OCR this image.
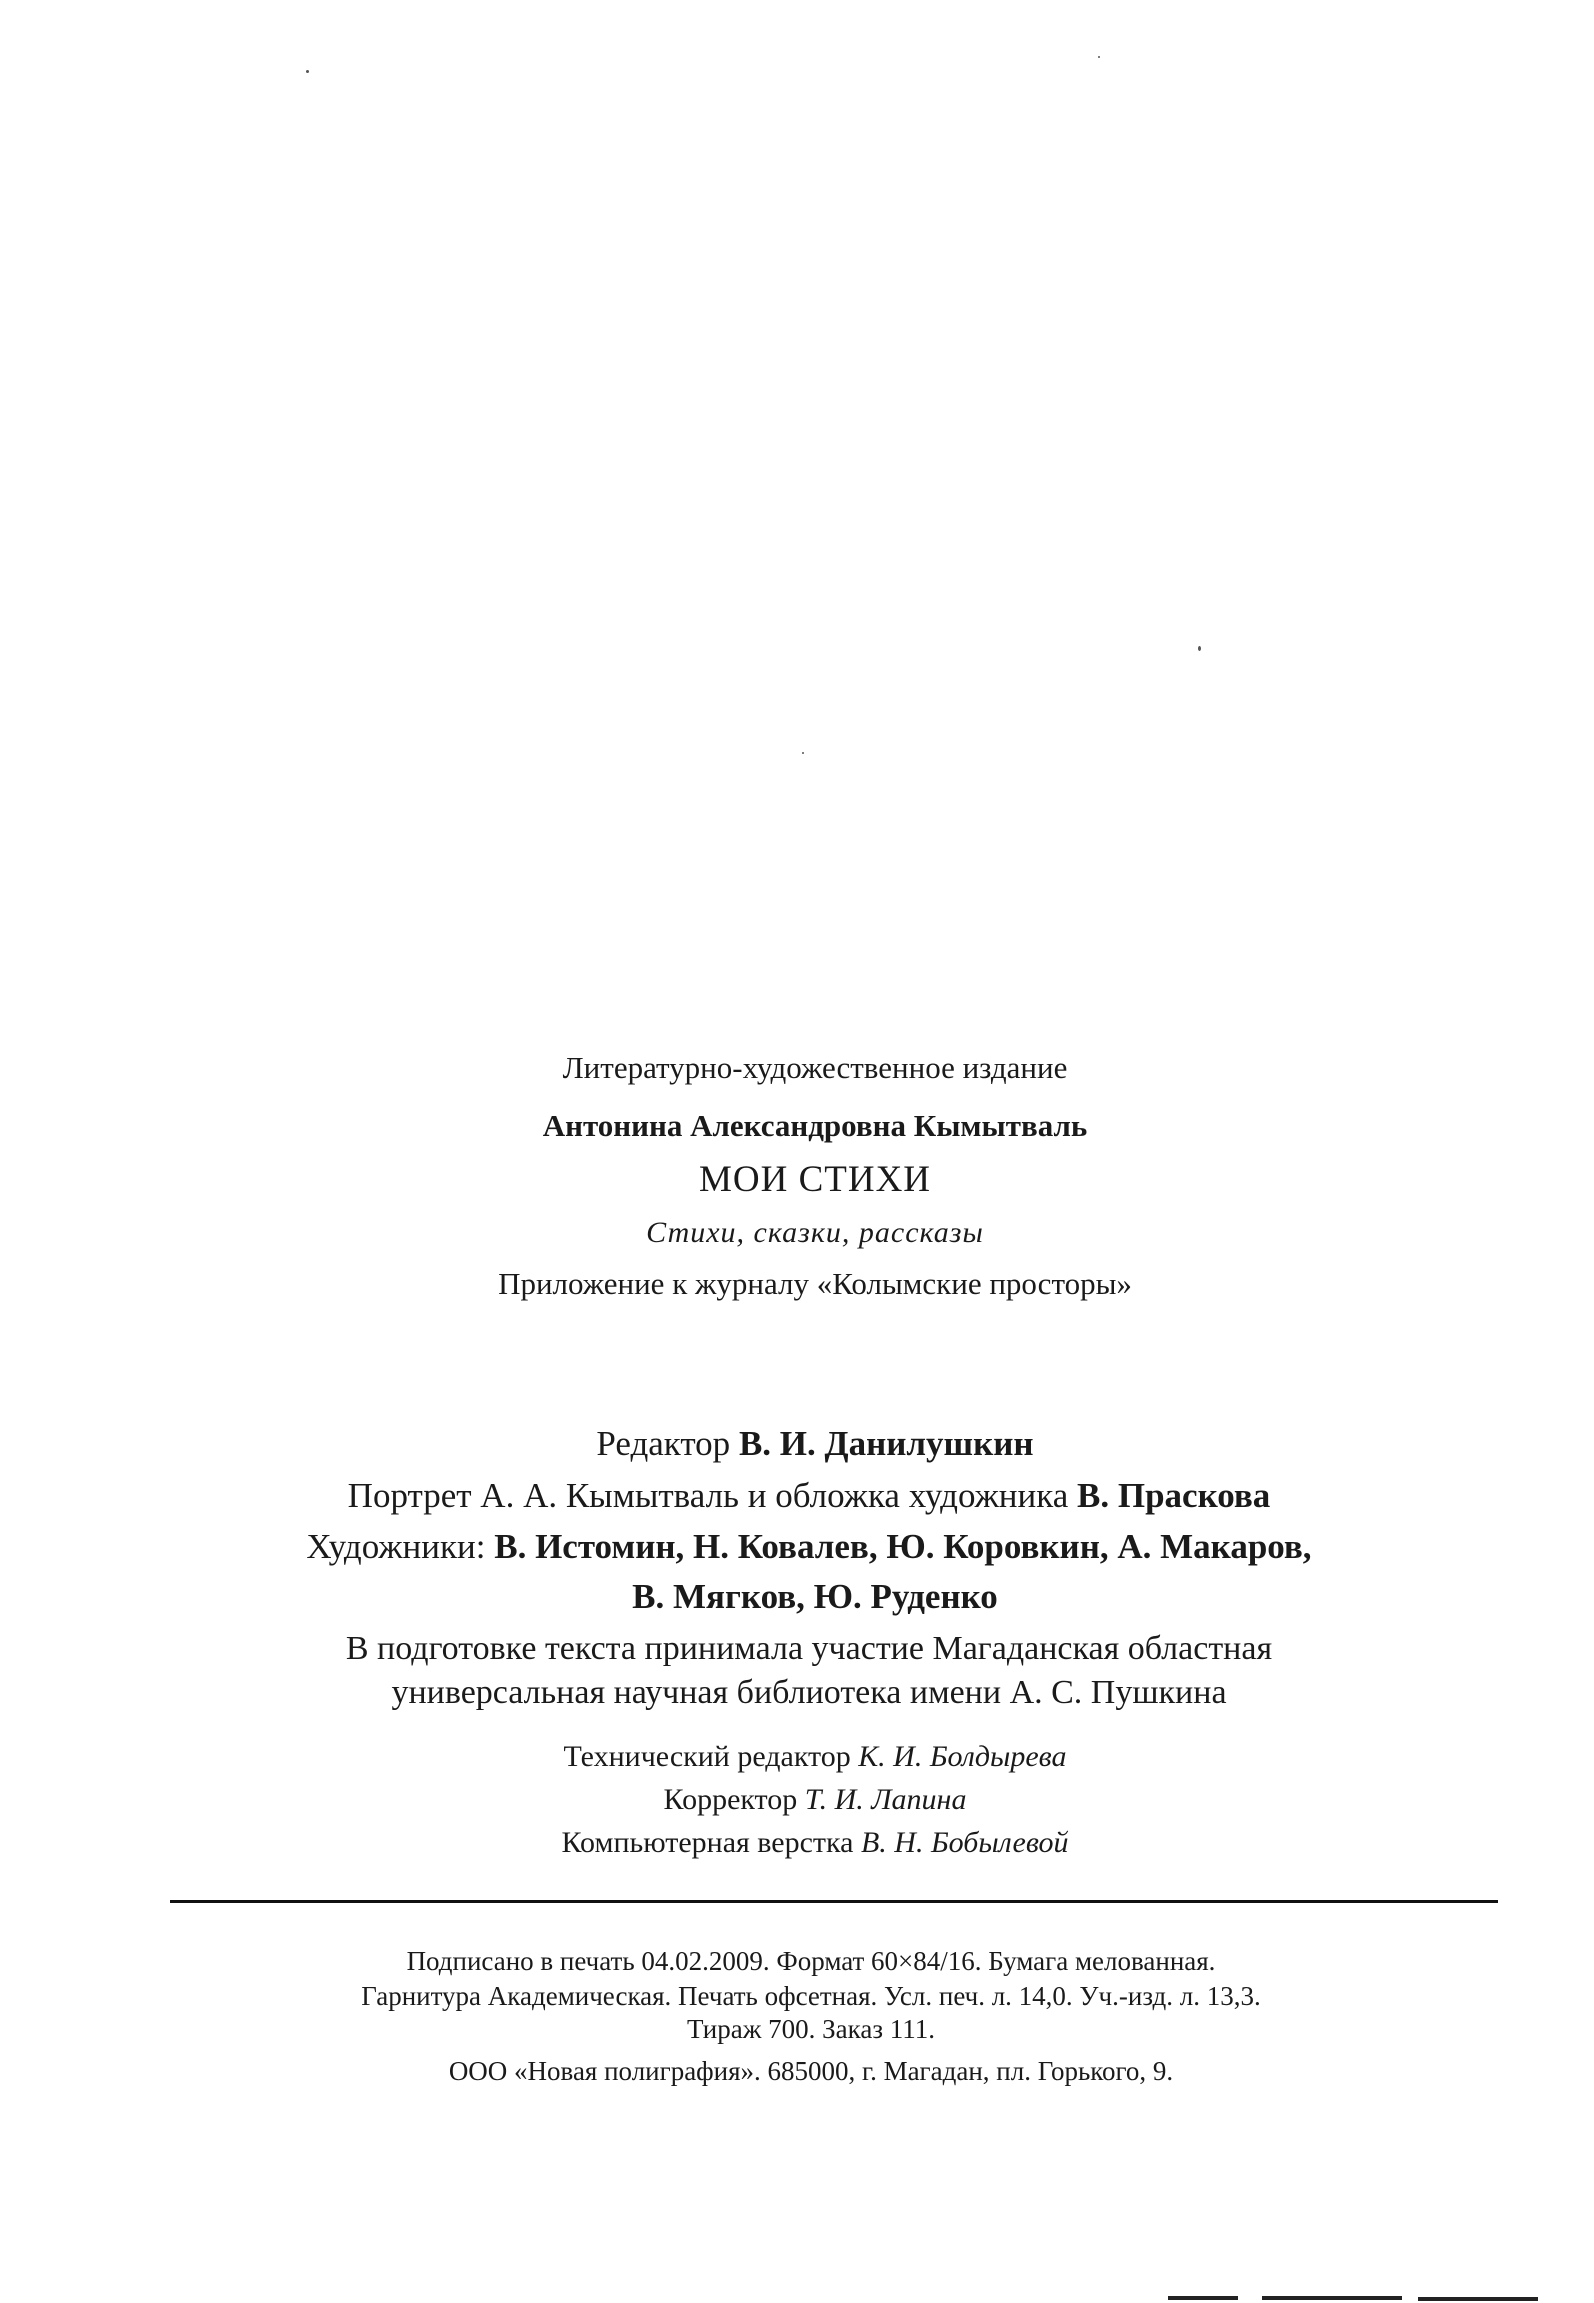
Литературно-художественное издание
Антонина Александровна Кымытваль
МОИ СТИХИ
Стихи, сказки, рассказы
Приложение к журналу «Колымские просторы»
Редактор В. И. Данилушкин
Портрет А. А. Кымытваль и обложка художника В. Праскова
Художники: В. Истомин, Н. Ковалев, Ю. Коровкин, А. Макаров,
В. Мягков, Ю. Руденко
В подготовке текста принимала участие Магаданская областная
универсальная научная библиотека имени А. С. Пушкина
Технический редактор К. И. Болдырева
Корректор Т. И. Лапина
Компьютерная верстка В. Н. Бобылевой
Подписано в печать 04.02.2009. Формат 60×84/16. Бумага мелованная.
Гарнитура Академическая. Печать офсетная. Усл. печ. л. 14,0. Уч.-изд. л. 13,3.
Тираж 700. Заказ 111.
ООО «Новая полиграфия». 685000, г. Магадан, пл. Горького, 9.
